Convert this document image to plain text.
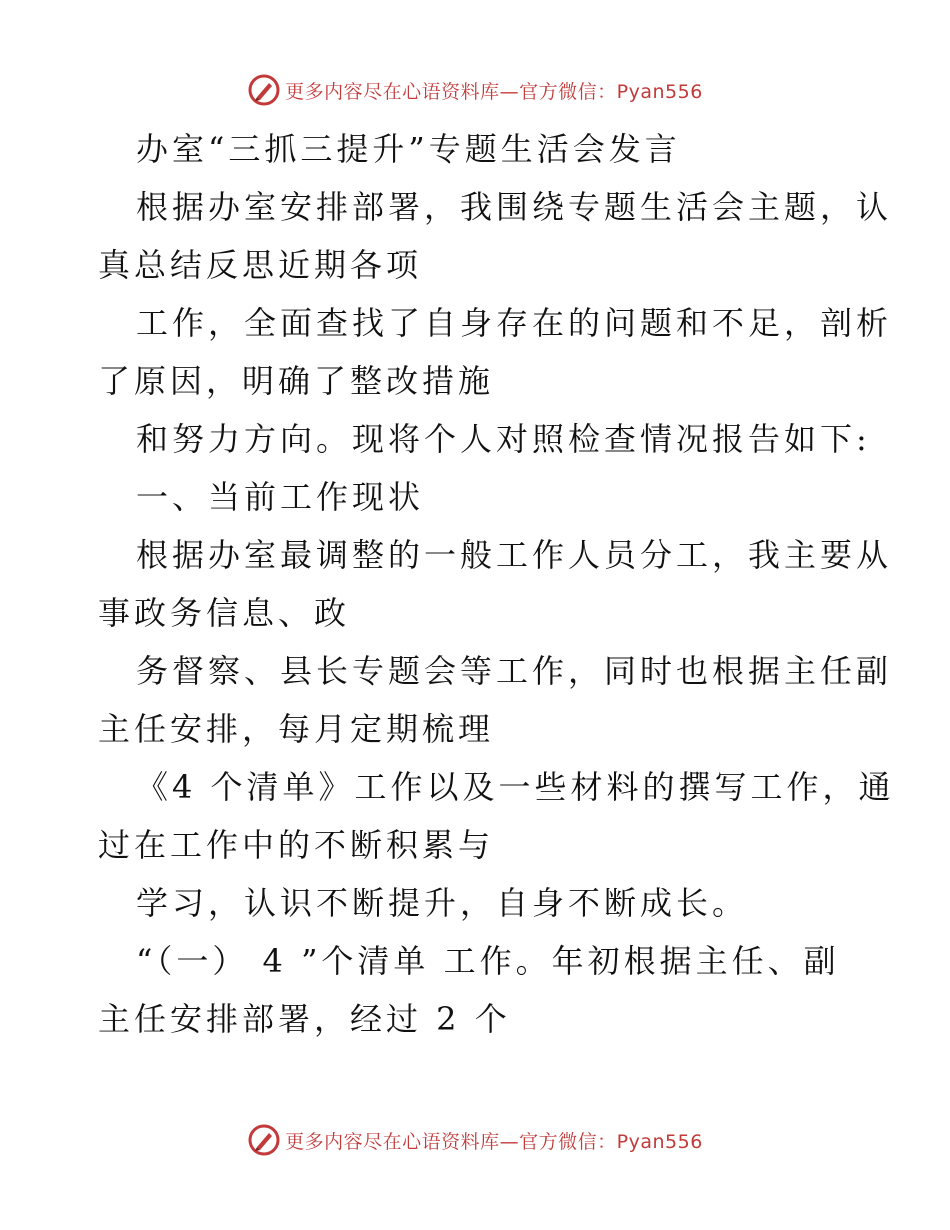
更多内容尽在心语资料库—官方微信：Pyan556
办室“三抓三提升”专题生活会发言
根据办室安排部署，我围绕专题生活会主题，认
真总结反思近期各项
工作，全面查找了自身存在的问题和不足，剖析
了原因，明确了整改措施
和努力方向。现将个人对照检查情况报告如下:
一、当前工作现状
根据办室最调整的一般工作人员分工，我主要从
事政务信息、政
务督察、县长专题会等工作，同时也根据主任副
主任安排，每月定期梳理
《4 个清单》工作以及一些材料的撰写工作，通
过在工作中的不断积累与
学习，认识不断提升，自身不断成长。
“（一） 4 ”个清单 工作。年初根据主任、副
主任安排部署，经过 2 个
更多内容尽在心语资料库—官方微信：Pyan556
